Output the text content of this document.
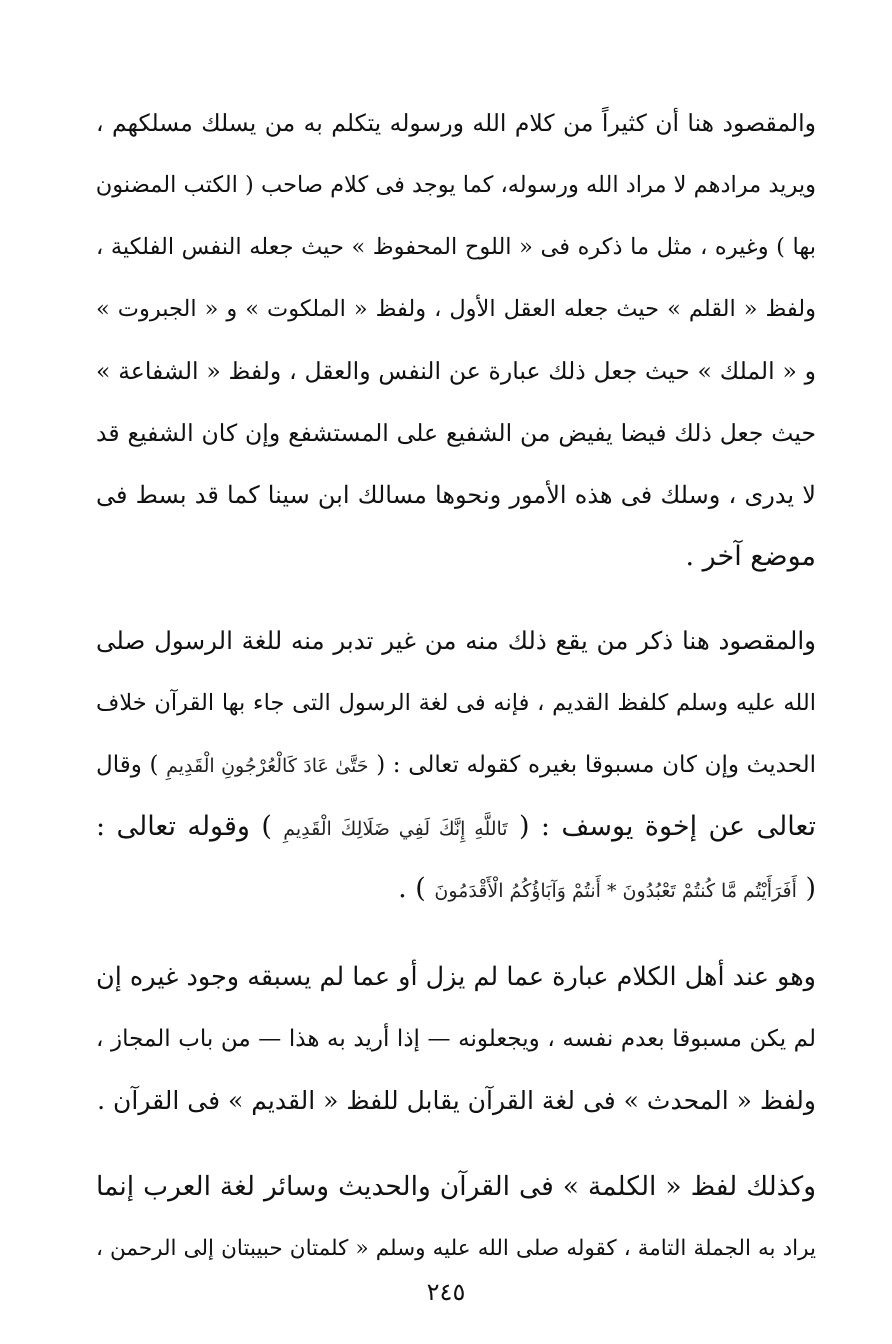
والمقصود هنا أن كثيراً من كلام الله ورسوله يتكلم به من يسلك مسلكهم ،
ويريد مرادهم لا مراد الله ورسوله، كما يوجد فى كلام صاحب ( الكتب المضنون
بها ) وغيره ، مثل ما ذكره فى « اللوح المحفوظ » حيث جعله النفس الفلكية ،
ولفظ « القلم » حيث جعله العقل الأول ، ولفظ « الملكوت » و « الجبروت »
و « الملك » حيث جعل ذلك عبارة عن النفس والعقل ، ولفظ « الشفاعة »
حيث جعل ذلك فيضا يفيض من الشفيع على المستشفع وإن كان الشفيع قد
لا يدرى ، وسلك فى هذه الأمور ونحوها مسالك ابن سينا كما قد بسط فى
موضع آخر .
والمقصود هنا ذكر من يقع ذلك منه من غير تدبر منه للغة الرسول صلى
الله عليه وسلم كلفظ القديم ، فإنه فى لغة الرسول التى جاء بها القرآن خلاف
الحديث وإن كان مسبوقا بغيره كقوله تعالى : ( حَتَّىٰ عَادَ كَالْعُرْجُونِ الْقَدِيمِ ) وقال
تعالى عن إخوة يوسف : ( تَاللَّهِ إِنَّكَ لَفِي ضَلَالِكَ الْقَدِيمِ ) وقوله تعالى :
( أَفَرَأَيْتُم مَّا كُنتُمْ تَعْبُدُونَ * أَنتُمْ وَآبَاؤُكُمُ الْأَقْدَمُونَ ) .
وهو عند أهل الكلام عبارة عما لم يزل أو عما لم يسبقه وجود غيره إن
لم يكن مسبوقا بعدم نفسه ، ويجعلونه — إذا أريد به هذا — من باب المجاز ،
ولفظ « المحدث » فى لغة القرآن يقابل للفظ « القديم » فى القرآن .
وكذلك لفظ « الكلمة » فى القرآن والحديث وسائر لغة العرب إنما
يراد به الجملة التامة ، كقوله صلى الله عليه وسلم « كلمتان حبيبتان إلى الرحمن ،
٢٤٥
